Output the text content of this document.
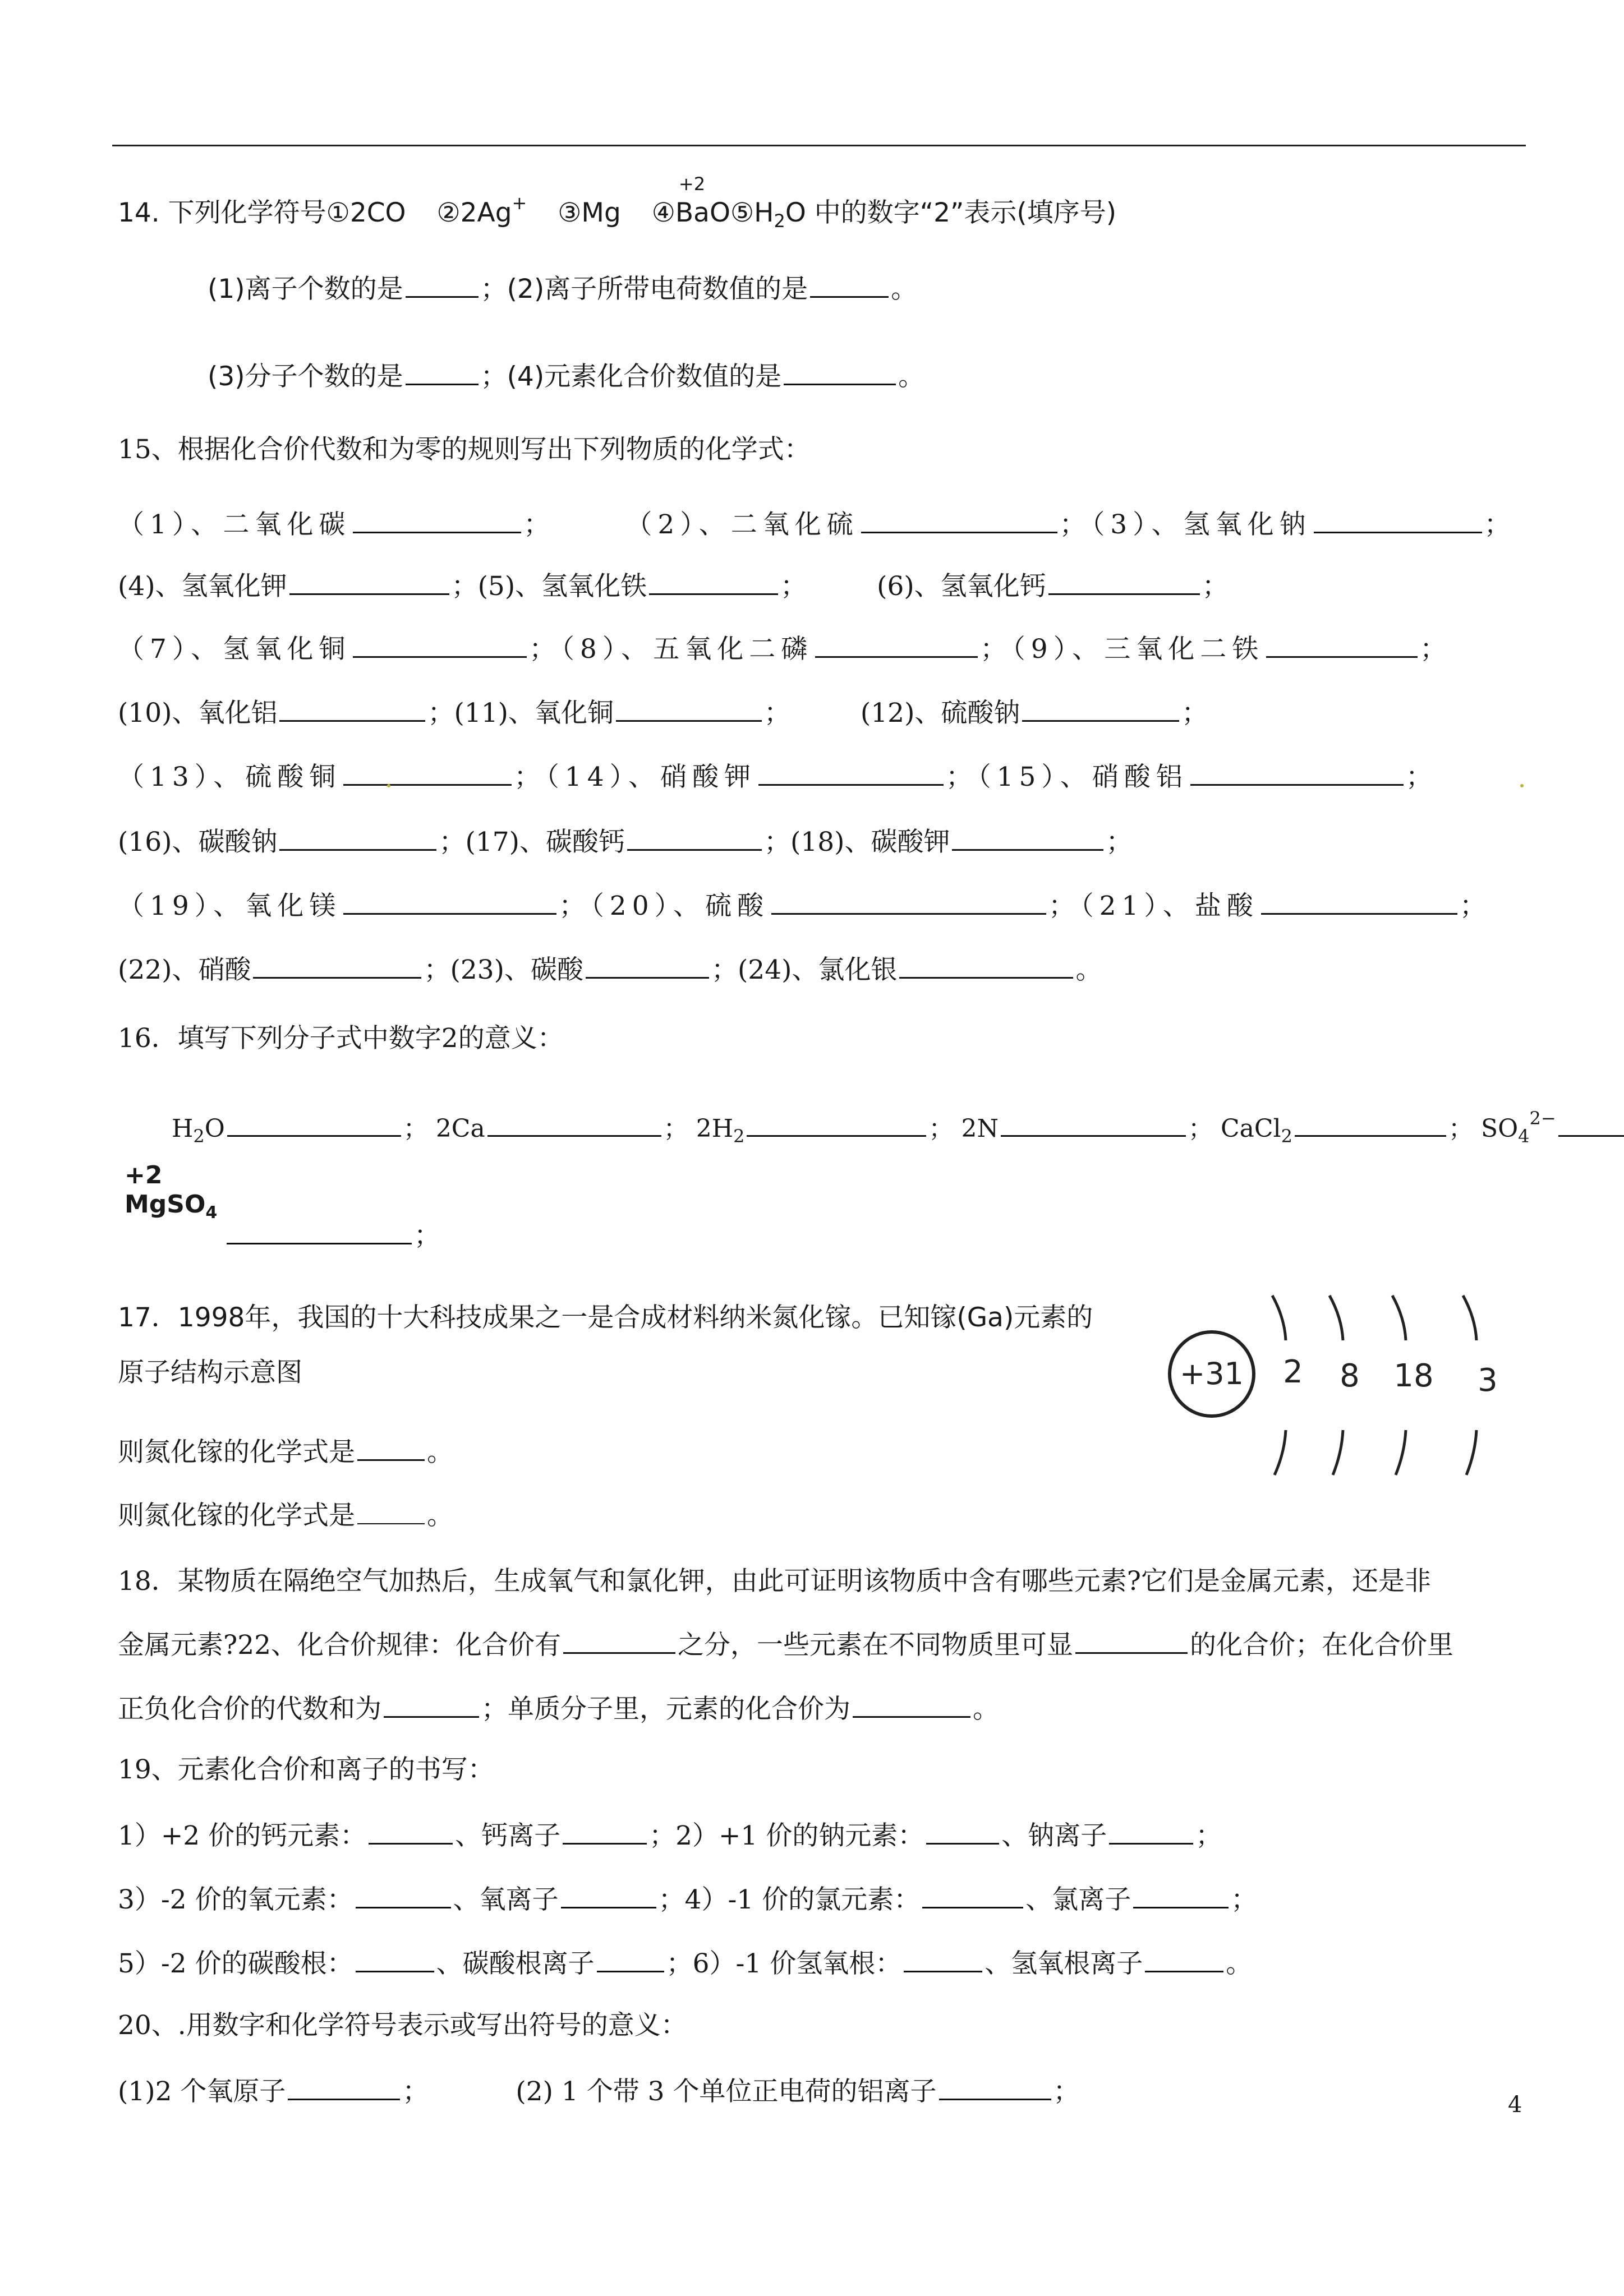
14. 下列化学符号①2CO ②2Ag+ ③Mg ④
+2
$BaO⑤H_2O$ 中的数字“2”表示(填序号)
(1)离子个数的是	；(2)离子所带电荷数值的是	。
(3)分子个数的是	；(4)元素化合价数值的是	。
15、根据化合价代数和为零的规则写出下列物质的化学式：
（1）、二氧化碳	；	（2）、二氧化硫	；（3）、氢氧化钠	；
(4)、氢氧化钾	；(5)、氢氧化铁	；	(6)、氢氧化钙	；
（7）、氢氧化铜	；（8）、五氧化二磷	；（9）、三氧化二铁	；
(10)、氧化铝	；(11)、氧化铜	；	(12)、硫酸钠	；
（13）、硫酸铜	；（14）、硝酸钾	；（15）、硝酸铝	；
(16)、碳酸钠	；(17)、碳酸钙	；(18)、碳酸钾	；
（19）、氧化镁	；（20）、硫酸	；（21）、盐酸	；
(22)、硝酸	；(23)、碳酸	；(24)、氯化银	。
16．填写下列分子式中数字2的意义：
$H_2O$	； 2Ca	； $2H_2$	； 2N	； CaCl$_2$	； $SO_4^{2-}$
+2
MgSO$_4$
；
17．1998年，我国的十大科技成果之一是合成材料纳米氮化镓。已知镓(Ga)元素的
原子结构示意图
则氮化镓的化学式是	。
则氮化镓的化学式是	。
+31 2 8 18 3
18．某物质在隔绝空气加热后，生成氧气和氯化钾，由此可证明该物质中含有哪些元素?它们是金属元素，还是非
金属元素?22、化合价规律：化合价有	之分，一些元素在不同物质里可显	的化合价；在化合价里
正负化合价的代数和为	；单质分子里，元素的化合价为	。
19、元素化合价和离子的书写：
1）+2 价的钙元素：	、钙离子	；2）+1 价的钠元素：	、钠离子	；
3）-2 价的氧元素：	、氧离子	；4）-1 价的氯元素：	、氯离子	；
5）-2 价的碳酸根：	、碳酸根离子	；6）-1 价氢氧根：	、氢氧根离子	。
20、.用数字和化学符号表示或写出符号的意义：
(1)2 个氧原子	；	(2) 1 个带 3 个单位正电荷的铝离子	；	4
